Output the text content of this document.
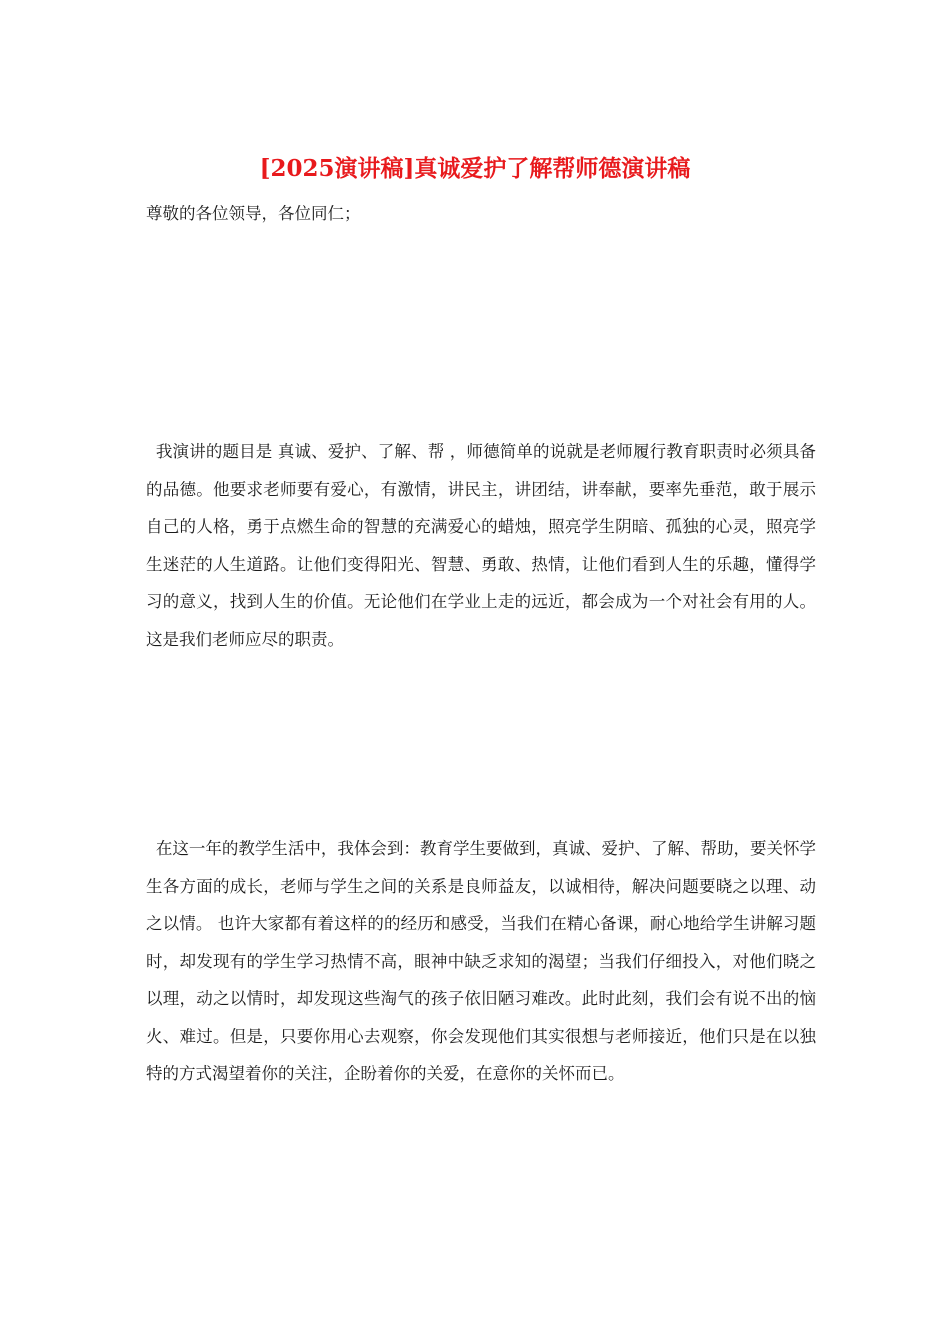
[2025演讲稿]真诚爱护了解帮师德演讲稿

尊敬的各位领导，各位同仁；

我演讲的题目是 真诚、爱护、了解、帮 ，师德简单的说就是老师履行教育职责时必须具备的品德。他要求老师要有爱心，有激情，讲民主，讲团结，讲奉献，要率先垂范，敢于展示自己的人格，勇于点燃生命的智慧的充满爱心的蜡烛，照亮学生阴暗、孤独的心灵，照亮学生迷茫的人生道路。让他们变得阳光、智慧、勇敢、热情，让他们看到人生的乐趣，懂得学习的意义，找到人生的价值。无论他们在学业上走的远近，都会成为一个对社会有用的人。这是我们老师应尽的职责。

在这一年的教学生活中，我体会到：教育学生要做到，真诚、爱护、了解、帮助，要关怀学生各方面的成长，老师与学生之间的关系是良师益友，以诚相待，解决问题要晓之以理、动之以情。 也许大家都有着这样的的经历和感受，当我们在精心备课，耐心地给学生讲解习题时，却发现有的学生学习热情不高，眼神中缺乏求知的渴望；当我们仔细投入，对他们晓之以理，动之以情时，却发现这些淘气的孩子依旧陋习难改。此时此刻，我们会有说不出的恼火、难过。但是，只要你用心去观察，你会发现他们其实很想与老师接近，他们只是在以独特的方式渴望着你的关注，企盼着你的关爱，在意你的关怀而已。
